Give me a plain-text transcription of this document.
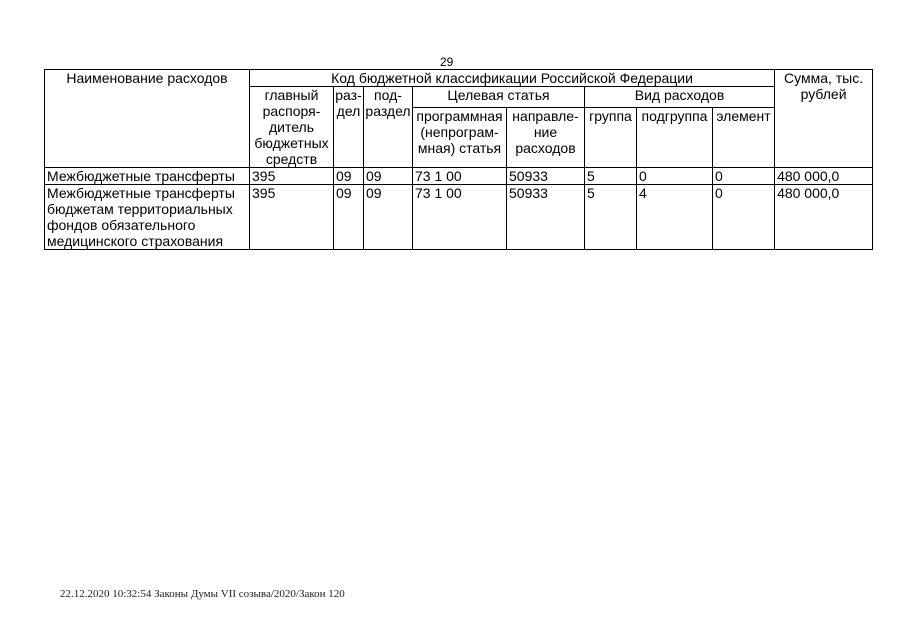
29
Наименование расходов	Код бюджетной классификации Российской Федерации								Сумма, тыс. рублей
	главный распоря- дитель бюджетных средств	раз- дел	под- раздел	Целевая статья		Вид расходов			
				программная (непрограм- мная) статья	направле- ние расходов	группа	подгруппа	элемент	
Межбюджетные трансферты	395	09	09	73 1 00	50933	5	0	0	480 000,0
Межбюджетные трансферты бюджетам территориальных фондов обязательного медицинского страхования	395	09	09	73 1 00	50933	5	4	0	480 000,0
22.12.2020 10:32:54 Законы Думы VII созыва/2020/Закон 120
